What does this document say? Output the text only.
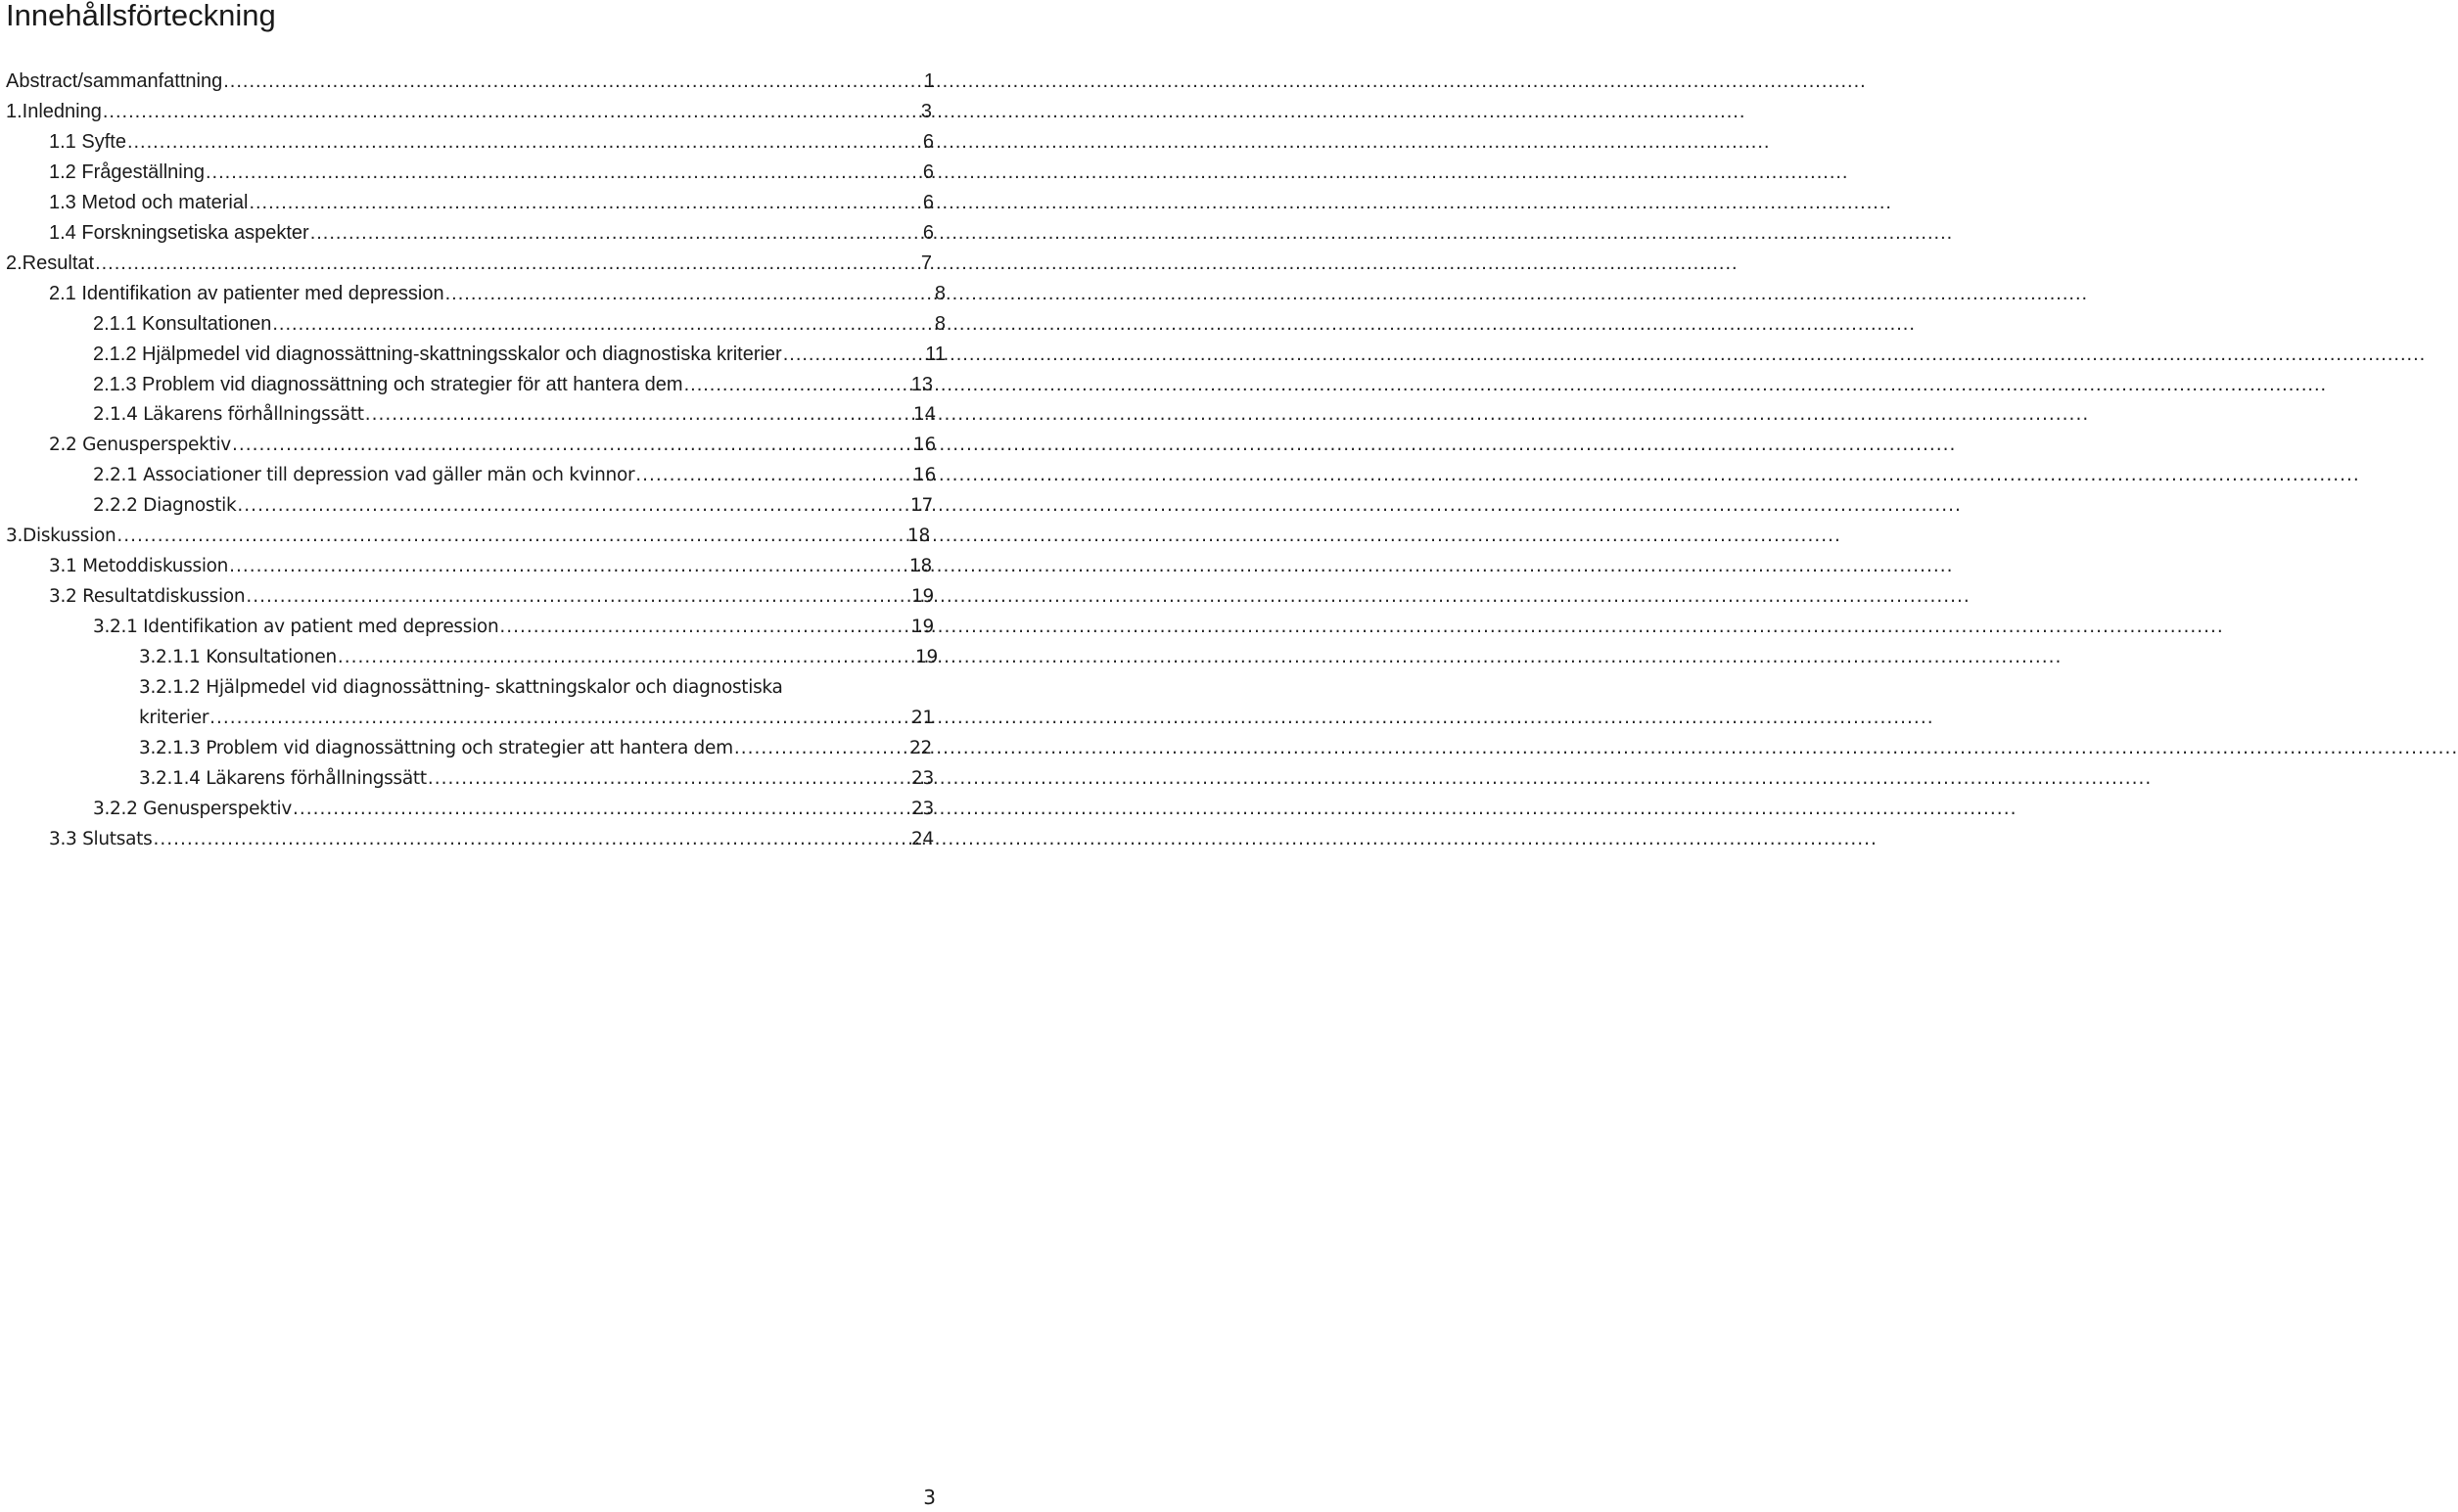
Innehållsförteckning
Abstract/sammanfattning .....	1
1.Inledning .....	3
1.1 Syfte .....	6
1.2 Frågeställning .....	6
1.3 Metod och material .....	6
1.4 Forskningsetiska aspekter .....	6
2.Resultat .....	7
2.1 Identifikation av patienter med depression .....	8
2.1.1 Konsultationen .....	8
2.1.2 Hjälpmedel vid diagnossättning-skattningsskalor och diagnostiska kriterier .....	11
2.1.3 Problem vid diagnossättning och strategier för att hantera dem .....	13
2.1.4 Läkarens förhållningssätt .....	14
2.2 Genusperspektiv .....	16
2.2.1 Associationer till depression vad gäller män och kvinnor .....	16
2.2.2 Diagnostik .....	17
3.Diskussion .....	18
3.1 Metoddiskussion .....	18
3.2 Resultatdiskussion .....	19
3.2.1 Identifikation av patient med depression .....	19
3.2.1.1 Konsultationen .....	19
3.2.1.2 Hjälpmedel vid diagnossättning- skattningskalor och diagnostiska
kriterier .....	21
3.2.1.3 Problem vid diagnossättning och strategier att hantera dem .....	22
3.2.1.4 Läkarens förhållningssätt .....	23
3.2.2 Genusperspektiv .....	23
3.3 Slutsats .....	24
3
